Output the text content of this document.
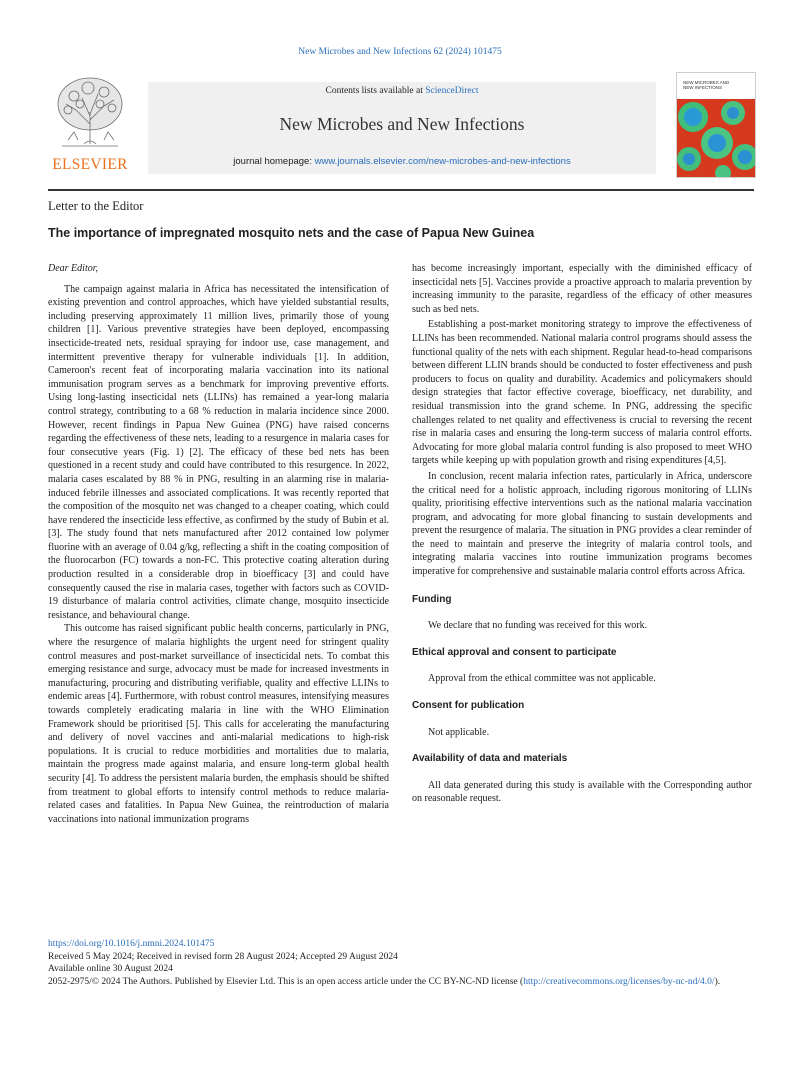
New Microbes and New Infections 62 (2024) 101475
ELSEVIER
Contents lists available at ScienceDirect
New Microbes and New Infections
journal homepage: www.journals.elsevier.com/new-microbes-and-new-infections
NEW MICROBES AND
NEW INFECTIONS
Letter to the Editor
The importance of impregnated mosquito nets and the case of Papua New Guinea

Dear Editor,

The campaign against malaria in Africa has necessitated the intensification of existing prevention and control approaches, which have yielded substantial results, including preserving approximately 11 million lives, primarily those of young children [1]. Various preventive strategies have been deployed, encompassing insecticide-treated nets, residual spraying for indoor use, case management, and intermittent preventive therapy for vulnerable individuals [1]. In addition, Cameroon's recent feat of incorporating malaria vaccination into its national immunisation program serves as a benchmark for improving preventive efforts. Using long-lasting insecticidal nets (LLINs) has remained a year-long malaria control strategy, contributing to a 68 % reduction in malaria incidence since 2000. However, recent findings in Papua New Guinea (PNG) have raised concerns regarding the effectiveness of these nets, leading to a resurgence in malaria cases for four consecutive years (Fig. 1) [2]. The efficacy of these bed nets has been questioned in a recent study and could have contributed to this resurgence. In 2022, malaria cases escalated by 88 % in PNG, resulting in an alarming rise in malaria-induced febrile illnesses and associated complications. It was recently reported that the composition of the mosquito net was changed to a cheaper coating, which could have rendered the insecticide less effective, as confirmed by the study of Bubin et al. [3]. The study found that nets manufactured after 2012 contained low polymer fluorine with an average of 0.04 g/kg, reflecting a shift in the coating composition of the fluorocarbon (FC) towards a non-FC. This protective coating alteration during production resulted in a considerable drop in bioefficacy [3] and could have consequently caused the rise in malaria cases, together with factors such as COVID-19 disturbance of malaria control activities, climate change, mosquito insecticide resistance, and behavioural change.

This outcome has raised significant public health concerns, particularly in PNG, where the resurgence of malaria highlights the urgent need for stringent quality control measures and post-market surveillance of insecticidal nets. To combat this emerging resistance and surge, advocacy must be made for increased investments in manufacturing, procuring and distributing verifiable, quality and effective LLINs to endemic areas [4]. Furthermore, with robust control measures, intensifying measures towards completely eradicating malaria in line with the WHO Elimination Framework should be prioritised [5]. This calls for accelerating the manufacturing and delivery of novel vaccines and anti-malarial medications to high-risk populations. It is crucial to reduce morbidities and mortalities due to malaria, maintain the progress made against malaria, and ensure long-term global health security [4]. To address the persistent malaria burden, the emphasis should be shifted from treatment to global efforts to intensify control methods to reduce malaria-related cases and fatalities. In Papua New Guinea, the reintroduction of malaria vaccinations into national immunization programs

has become increasingly important, especially with the diminished efficacy of insecticidal nets [5]. Vaccines provide a proactive approach to malaria prevention by increasing immunity to the parasite, regardless of the efficacy of other measures such as bed nets.

Establishing a post-market monitoring strategy to improve the effectiveness of LLINs has been recommended. National malaria control programs should assess the functional quality of the nets with each shipment. Regular head-to-head comparisons between different LLIN brands should be conducted to foster effectiveness and push producers to focus on quality and durability. Academics and policymakers should design strategies that factor effective coverage, bioefficacy, net durability, and residual transmission into the grand scheme. In PNG, addressing the specific challenges related to net quality and effectiveness is crucial to reversing the recent rise in malaria cases and ensuring the long-term success of malaria control efforts. Advocating for more global malaria control funding is also proposed to meet WHO targets while keeping up with population growth and rising expenditures [4,5].

In conclusion, recent malaria infection rates, particularly in Africa, underscore the critical need for a holistic approach, including rigorous monitoring of LLINs quality, prioritising effective interventions such as the national malaria vaccination program, and advocating for more global financing to sustain developments and prevent the resurgence of malaria. The situation in PNG provides a clear reminder of the need to maintain and preserve the integrity of malaria control tools, and integrating malaria vaccines into routine immunization programs becomes imperative for comprehensive and sustainable malaria control efforts across Africa.

Funding

We declare that no funding was received for this work.

Ethical approval and consent to participate

Approval from the ethical committee was not applicable.

Consent for publication

Not applicable.

Availability of data and materials

All data generated during this study is available with the Corresponding author on reasonable request.

https://doi.org/10.1016/j.nmni.2024.101475
Received 5 May 2024; Received in revised form 28 August 2024; Accepted 29 August 2024
Available online 30 August 2024
2052-2975/© 2024 The Authors. Published by Elsevier Ltd. This is an open access article under the CC BY-NC-ND license (http://creativecommons.org/licenses/by-nc-nd/4.0/).
